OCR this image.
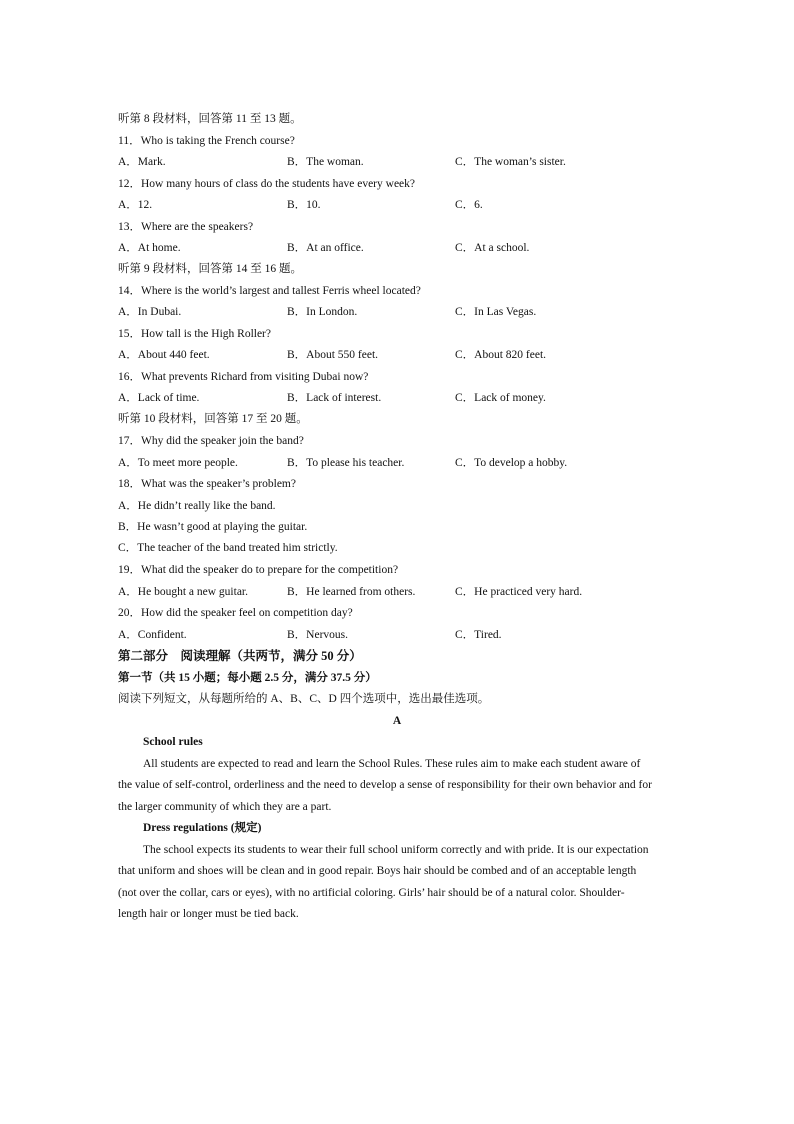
听第 8 段材料，回答第 11 至 13 题。
11．Who is taking the French course?
A．Mark.	B．The woman.	C．The woman’s sister.
12．How many hours of class do the students have every week?
A．12.	B．10.	C．6.
13．Where are the speakers?
A．At home.	B．At an office.	C．At a school.
听第 9 段材料，回答第 14 至 16 题。
14．Where is the world’s largest and tallest Ferris wheel located?
A．In Dubai.	B．In London.	C．In Las Vegas.
15．How tall is the High Roller?
A．About 440 feet.	B．About 550 feet.	C．About 820 feet.
16．What prevents Richard from visiting Dubai now?
A．Lack of time.	B．Lack of interest.	C．Lack of money.
听第 10 段材料，回答第 17 至 20 题。
17．Why did the speaker join the band?
A．To meet more people.	B．To please his teacher.	C．To develop a hobby.
18．What was the speaker’s problem?
A．He didn’t really like the band.
B．He wasn’t good at playing the guitar.
C．The teacher of the band treated him strictly.
19．What did the speaker do to prepare for the competition?
A．He bought a new guitar.	B．He learned from others.	C．He practiced very hard.
20．How did the speaker feel on competition day?
A．Confident.	B．Nervous.	C．Tired.
第二部分　阅读理解（共两节，满分 50 分）
第一节（共 15 小题；每小题 2.5 分，满分 37.5 分）
阅读下列短文，从每题所给的 A、B、C、D 四个选项中，选出最佳选项。
A
School rules
All students are expected to read and learn the School Rules. These rules aim to make each student aware of
the value of self-control, orderliness and the need to develop a sense of responsibility for their own behavior and for
the larger community of which they are a part.
Dress regulations (规定)
The school expects its students to wear their full school uniform correctly and with pride. It is our expectation
that uniform and shoes will be clean and in good repair. Boys hair should be combed and of an acceptable length
(not over the collar, cars or eyes), with no artificial coloring. Girls’ hair should be of a natural color. Shoulder-
length hair or longer must be tied back.
